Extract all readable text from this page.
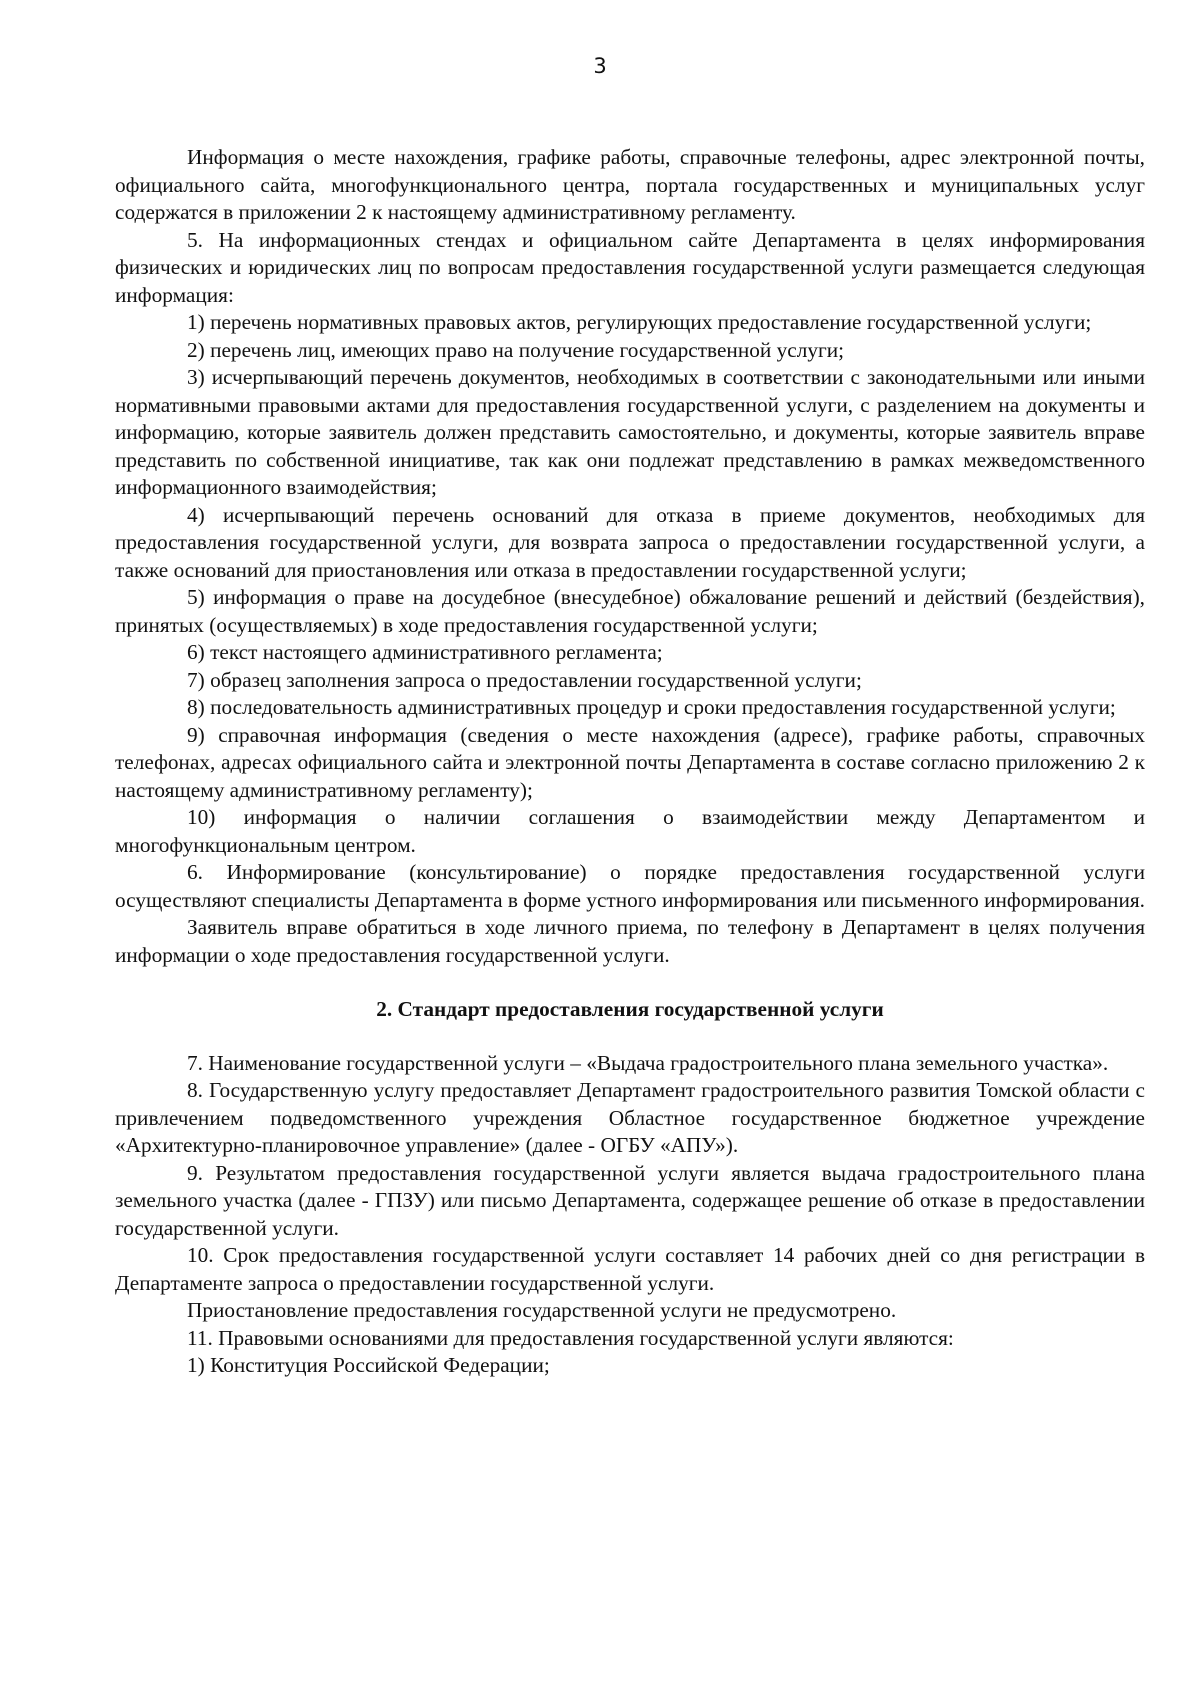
3

Информация о месте нахождения, графике работы, справочные телефоны, адрес электронной почты, официального сайта, многофункционального центра, портала государственных и муниципальных услуг содержатся в приложении 2 к настоящему административному регламенту.

5. На информационных стендах и официальном сайте Департамента в целях информирования физических и юридических лиц по вопросам предоставления государственной услуги размещается следующая информация:

1) перечень нормативных правовых актов, регулирующих предоставление государственной услуги;

2) перечень лиц, имеющих право на получение государственной услуги;

3) исчерпывающий перечень документов, необходимых в соответствии с законодательными или иными нормативными правовыми актами для предоставления государственной услуги, с разделением на документы и информацию, которые заявитель должен представить самостоятельно, и документы, которые заявитель вправе представить по собственной инициативе, так как они подлежат представлению в рамках межведомственного информационного взаимодействия;

4) исчерпывающий перечень оснований для отказа в приеме документов, необходимых для предоставления государственной услуги, для возврата запроса о предоставлении государственной услуги, а также оснований для приостановления или отказа в предоставлении государственной услуги;

5) информация о праве на досудебное (внесудебное) обжалование решений и действий (бездействия), принятых (осуществляемых) в ходе предоставления государственной услуги;

6) текст настоящего административного регламента;

7) образец заполнения запроса о предоставлении государственной услуги;

8) последовательность административных процедур и сроки предоставления государственной услуги;

9) справочная информация (сведения о месте нахождения (адресе), графике работы, справочных телефонах, адресах официального сайта и электронной почты Департамента в составе согласно приложению 2 к настоящему административному регламенту);

10) информация о наличии соглашения о взаимодействии между Департаментом и многофункциональным центром.

6. Информирование (консультирование) о порядке предоставления государственной услуги осуществляют специалисты Департамента в форме устного информирования или письменного информирования.

Заявитель вправе обратиться в ходе личного приема, по телефону в Департамент в целях получения информации о ходе предоставления государственной услуги.

2. Стандарт предоставления государственной услуги

7. Наименование государственной услуги – «Выдача градостроительного плана земельного участка».

8. Государственную услугу предоставляет Департамент градостроительного развития Томской области с привлечением подведомственного учреждения Областное государственное бюджетное учреждение «Архитектурно-планировочное управление» (далее - ОГБУ «АПУ»).

9. Результатом предоставления государственной услуги является выдача градостроительного плана земельного участка (далее - ГПЗУ) или письмо Департамента, содержащее решение об отказе в предоставлении государственной услуги.

10. Срок предоставления государственной услуги составляет 14 рабочих дней со дня регистрации в Департаменте запроса о предоставлении государственной услуги.

Приостановление предоставления государственной услуги не предусмотрено.

11. Правовыми основаниями для предоставления государственной услуги являются:

1) Конституция Российской Федерации;
